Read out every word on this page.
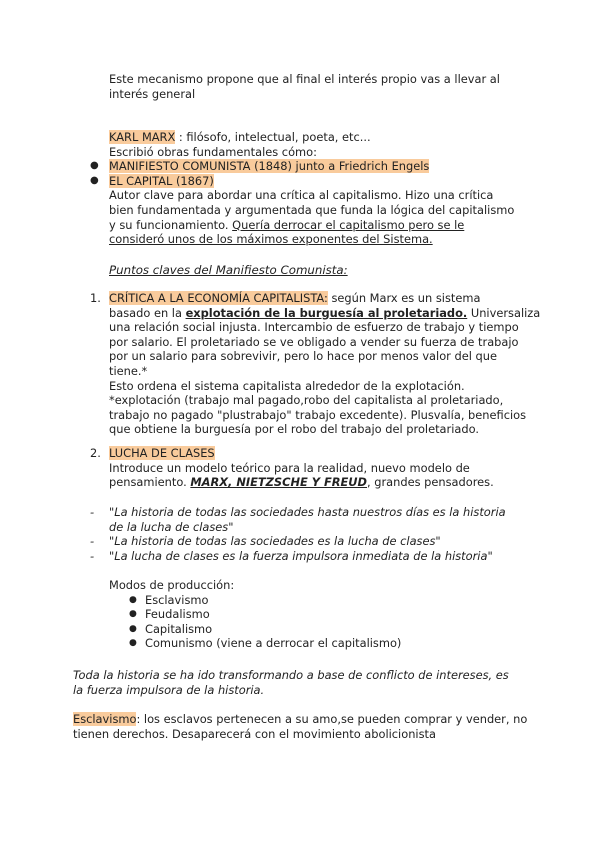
Este mecanismo propone que al final el interés propio vas a llevar al

interés general

KARL MARX : filósofo, intelectual, poeta, etc...

Escribió obras fundamentales cómo:

● MANIFIESTO COMUNISTA (1848) junto a Friedrich Engels

● EL CAPITAL (1867)

Autor clave para abordar una crítica al capitalismo. Hizo una crítica

bien fundamentada y argumentada que funda la lógica del capitalismo

y su funcionamiento. Quería derrocar el capitalismo pero se le

consideró unos de los máximos exponentes del Sistema.

Puntos claves del Manifiesto Comunista:

1. CRÍTICA A LA ECONOMÍA CAPITALISTA: según Marx es un sistema

basado en la explotación de la burguesía al proletariado. Universaliza

una relación social injusta. Intercambio de esfuerzo de trabajo y tiempo

por salario. El proletariado se ve obligado a vender su fuerza de trabajo

por un salario para sobrevivir, pero lo hace por menos valor del que

tiene.*

Esto ordena el sistema capitalista alrededor de la explotación.

*explotación (trabajo mal pagado,robo del capitalista al proletariado,

trabajo no pagado "plustrabajo" trabajo excedente). Plusvalía, beneficios

que obtiene la burguesía por el robo del trabajo del proletariado.

2. LUCHA DE CLASES

Introduce un modelo teórico para la realidad, nuevo modelo de

pensamiento. MARX, NIETZSCHE Y FREUD, grandes pensadores.

- "La historia de todas las sociedades hasta nuestros días es la historia

de la lucha de clases"

- "La historia de todas las sociedades es la lucha de clases"

- "La lucha de clases es la fuerza impulsora inmediata de la historia"

Modos de producción:

● Esclavismo

● Feudalismo

● Capitalismo

● Comunismo (viene a derrocar el capitalismo)

Toda la historia se ha ido transformando a base de conflicto de intereses, es

la fuerza impulsora de la historia.

Esclavismo: los esclavos pertenecen a su amo,se pueden comprar y vender, no

tienen derechos. Desaparecerá con el movimiento abolicionista
